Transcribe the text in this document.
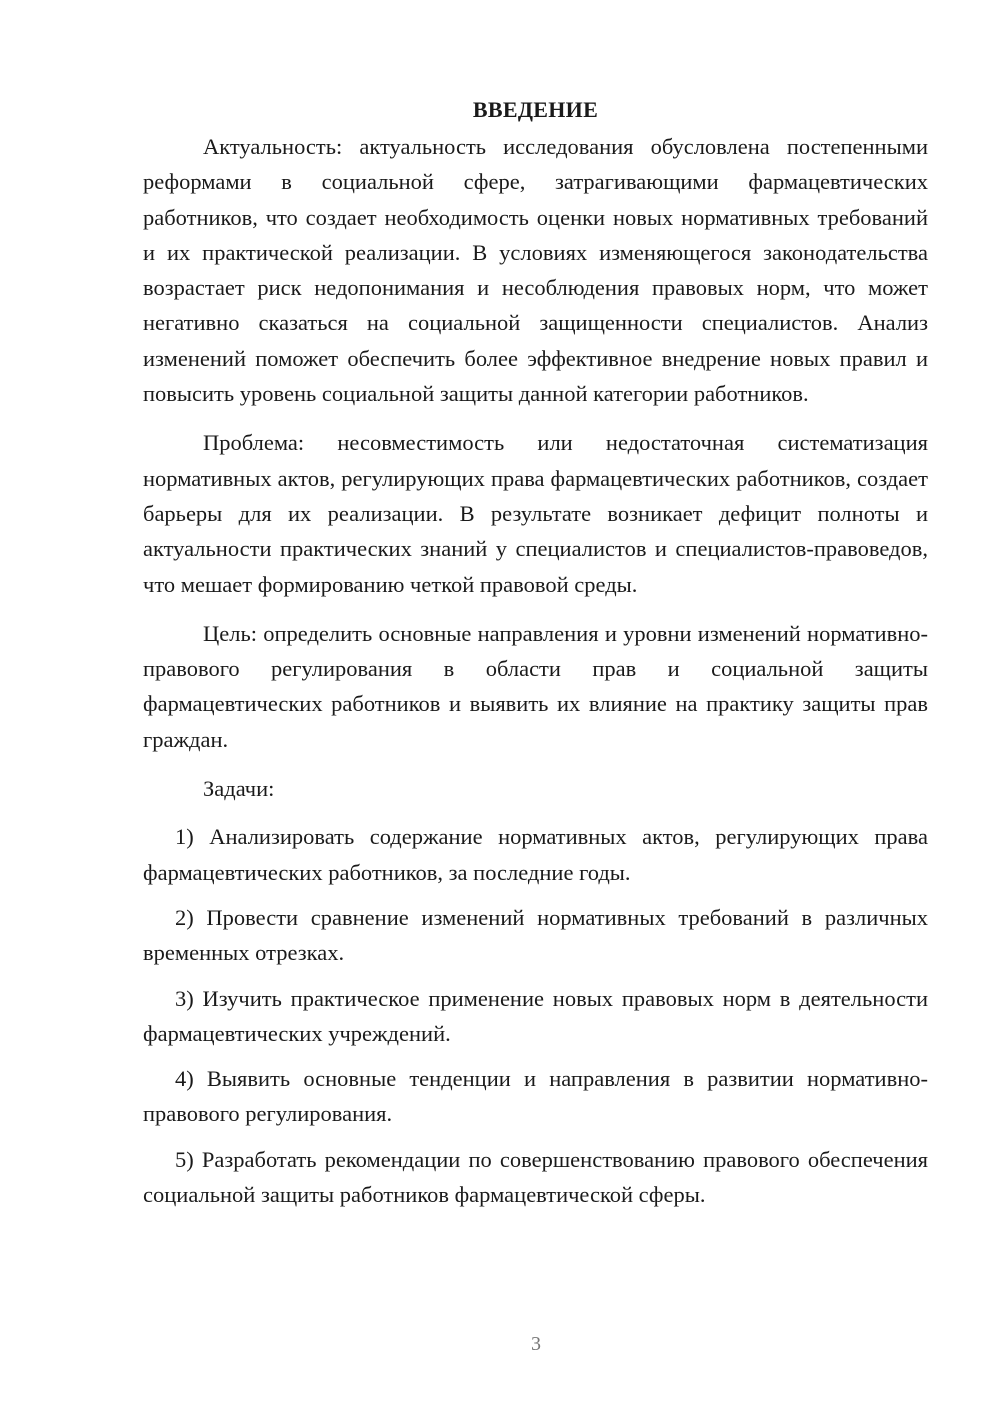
ВВЕДЕНИЕ

Актуальность: актуальность исследования обусловлена постепенными реформами в социальной сфере, затрагивающими фармацевтических работников, что создает необходимость оценки новых нормативных требований и их практической реализации. В условиях изменяющегося законодательства возрастает риск недопонимания и несоблюдения правовых норм, что может негативно сказаться на социальной защищенности специалистов. Анализ изменений поможет обеспечить более эффективное внедрение новых правил и повысить уровень социальной защиты данной категории работников.

Проблема: несовместимость или недостаточная систематизация нормативных актов, регулирующих права фармацевтических работников, создает барьеры для их реализации. В результате возникает дефицит полноты и актуальности практических знаний у специалистов и специалистов-правоведов, что мешает формированию четкой правовой среды.

Цель: определить основные направления и уровни изменений нормативно-правового регулирования в области прав и социальной защиты фармацевтических работников и выявить их влияние на практику защиты прав граждан.

Задачи:

1) Анализировать содержание нормативных актов, регулирующих права фармацевтических работников, за последние годы.

2) Провести сравнение изменений нормативных требований в различных временных отрезках.

3) Изучить практическое применение новых правовых норм в деятельности фармацевтических учреждений.

4) Выявить основные тенденции и направления в развитии нормативно-правового регулирования.

5) Разработать рекомендации по совершенствованию правового обеспечения социальной защиты работников фармацевтической сферы.

3
